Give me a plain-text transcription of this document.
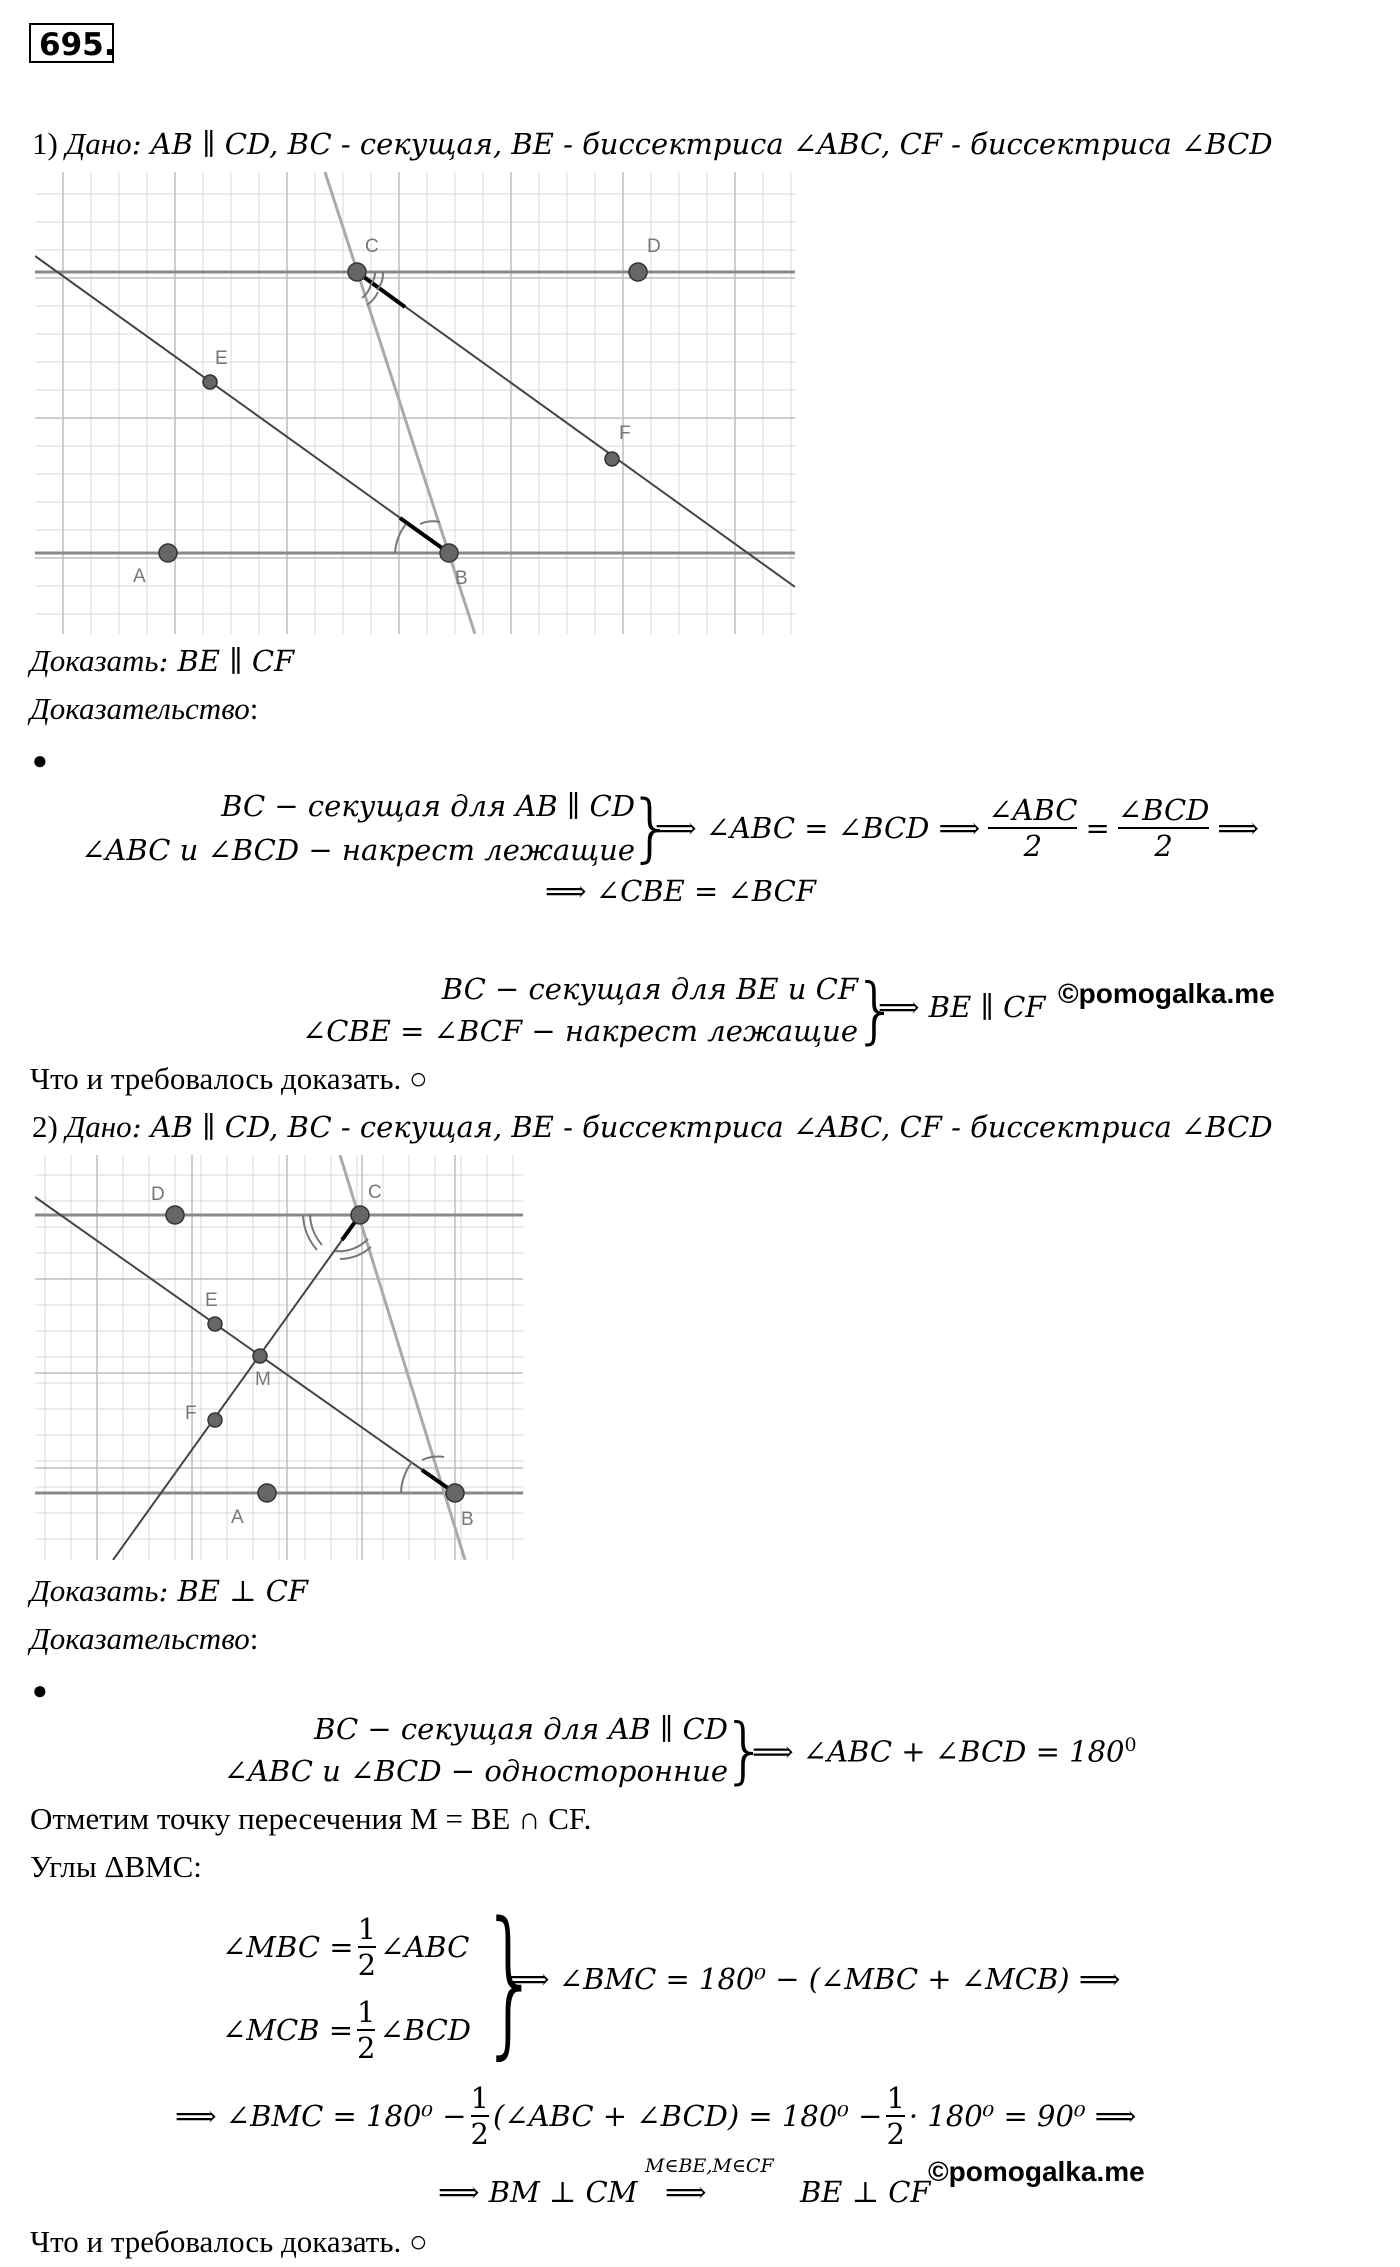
695.
1) Дано: AB ∥ CD, BC - секущая, BE - биссектриса ∠ABC, CF - биссектриса ∠BCD
C	D
E
F
A	B
Доказать: BE ∥ CF
Доказательство:
●
BC − секущая для AB ∥ CD
∠ABC и ∠BCD − накрест лежащие
}
⟹ ∠ABC = ∠BCD ⟹ $\frac{\text{∠ABC}}{2} = \frac{\text{∠BCD}}{2}$ ⟹
⟹ ∠CBE = ∠BCF
BC − секущая для BE и CF
∠CBE = ∠BCF − накрест лежащие
}
⟹ BE ∥ CF ©pomogalka.me
Что и требовалось доказать. ○
2) Дано: AB ∥ CD, BC - секущая, BE - биссектриса ∠ABC, CF - биссектриса ∠BCD
D	C
E
M
F
A	B
Доказать: BE ⊥ CF
Доказательство:
●
BC − секущая для AB ∥ CD
∠ABC и ∠BCD − односторонние
}
⟹ ∠ABC + ∠BCD = $180^0$
Отметим точку пересечения M = BE ∩ CF.
Углы ΔBMC:
∠MBC = $\frac{1}{2}$ ∠ABC
∠MCB = $\frac{1}{2}$ ∠BCD }
⟹ ∠BMC = 180⁰ − (∠MBC + ∠MCB) ⟹
⟹ ∠BMC = $180^0 - \frac{1}{2}$ (∠ABC + ∠BCD) = $180^0 - \frac{1}{2} \cdot 180^0 = 90^0$ ⟹
⟹ BM ⊥ CM
M∈BE,M∈CF
⟹	BE ⊥ CF
©pomogalka.me
Что и требовалось доказать. ○
